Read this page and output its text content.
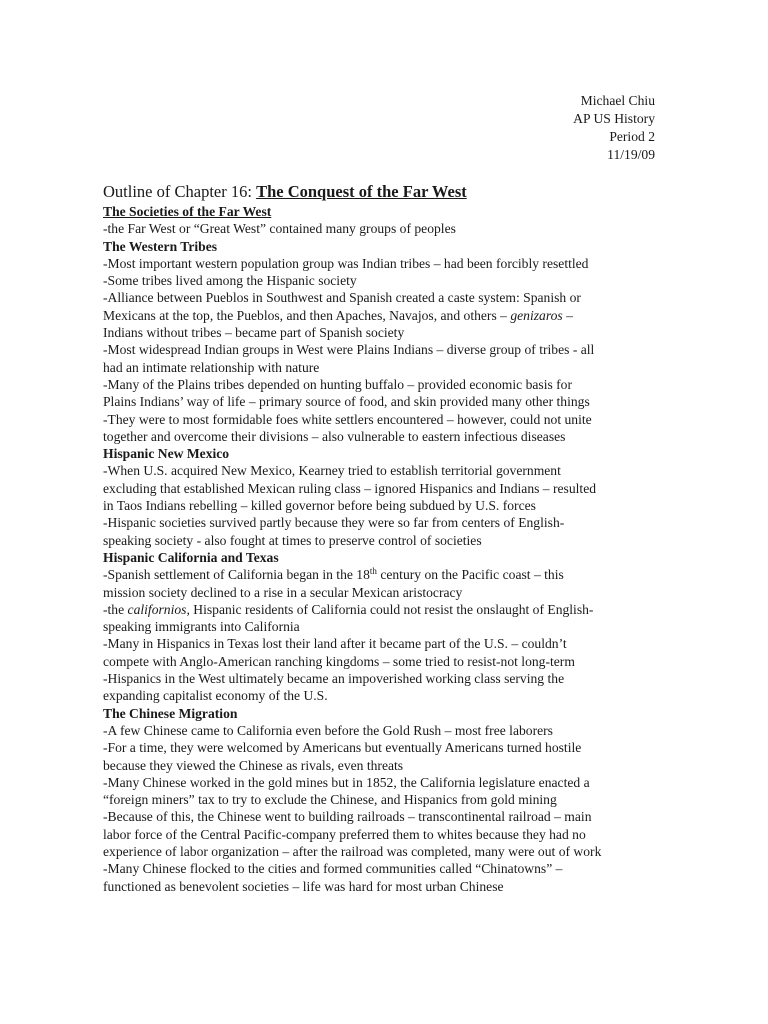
Michael Chiu
AP US History
Period 2
11/19/09
Outline of Chapter 16: The Conquest of the Far West
The Societies of the Far West
-the Far West or “Great West” contained many groups of peoples
The Western Tribes
-Most important western population group was Indian tribes – had been forcibly resettled
-Some tribes lived among the Hispanic society
-Alliance between Pueblos in Southwest and Spanish created a caste system: Spanish or
Mexicans at the top, the Pueblos, and then Apaches, Navajos, and others – genizaros –
Indians without tribes – became part of Spanish society
-Most widespread Indian groups in West were Plains Indians – diverse group of tribes - all
had an intimate relationship with nature
-Many of the Plains tribes depended on hunting buffalo – provided economic basis for
Plains Indians’ way of life – primary source of food, and skin provided many other things
-They were to most formidable foes white settlers encountered – however, could not unite
together and overcome their divisions – also vulnerable to eastern infectious diseases
Hispanic New Mexico
-When U.S. acquired New Mexico, Kearney tried to establish territorial government
excluding that established Mexican ruling class – ignored Hispanics and Indians – resulted
in Taos Indians rebelling – killed governor before being subdued by U.S. forces
-Hispanic societies survived partly because they were so far from centers of English-
speaking society - also fought at times to preserve control of societies
Hispanic California and Texas
-Spanish settlement of California began in the 18th century on the Pacific coast – this
mission society declined to a rise in a secular Mexican aristocracy
-the californios, Hispanic residents of California could not resist the onslaught of English-
speaking immigrants into California
-Many in Hispanics in Texas lost their land after it became part of the U.S. – couldn’t
compete with Anglo-American ranching kingdoms – some tried to resist-not long-term
-Hispanics in the West ultimately became an impoverished working class serving the
expanding capitalist economy of the U.S.
The Chinese Migration
-A few Chinese came to California even before the Gold Rush – most free laborers
-For a time, they were welcomed by Americans but eventually Americans turned hostile
because they viewed the Chinese as rivals, even threats
-Many Chinese worked in the gold mines but in 1852, the California legislature enacted a
“foreign miners” tax to try to exclude the Chinese, and Hispanics from gold mining
-Because of this, the Chinese went to building railroads – transcontinental railroad – main
labor force of the Central Pacific-company preferred them to whites because they had no
experience of labor organization – after the railroad was completed, many were out of work
-Many Chinese flocked to the cities and formed communities called “Chinatowns” –
functioned as benevolent societies – life was hard for most urban Chinese
